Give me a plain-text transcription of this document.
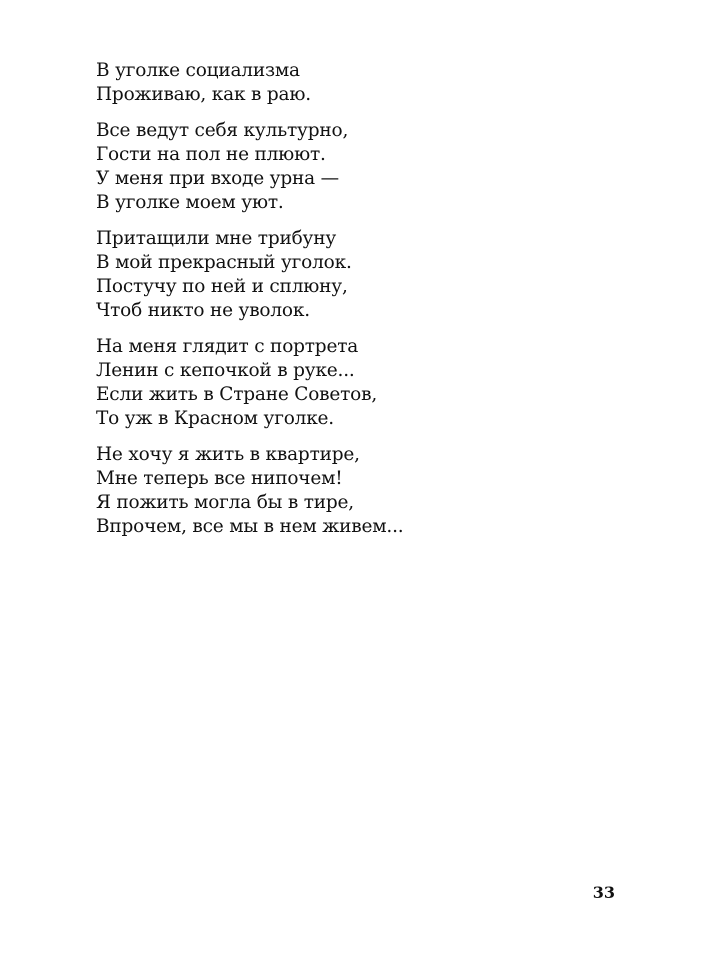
В уголке социализма
Проживаю, как в раю.
Все ведут себя культурно,
Гости на пол не плюют.
У меня при входе урна —
В уголке моем уют.
Притащили мне трибуну
В мой прекрасный уголок.
Постучу по ней и сплюну,
Чтоб никто не уволок.
На меня глядит с портрета
Ленин с кепочкой в руке...
Если жить в Стране Советов,
То уж в Красном уголке.
Не хочу я жить в квартире,
Мне теперь все нипочем!
Я пожить могла бы в тире,
Впрочем, все мы в нем живем...
33
